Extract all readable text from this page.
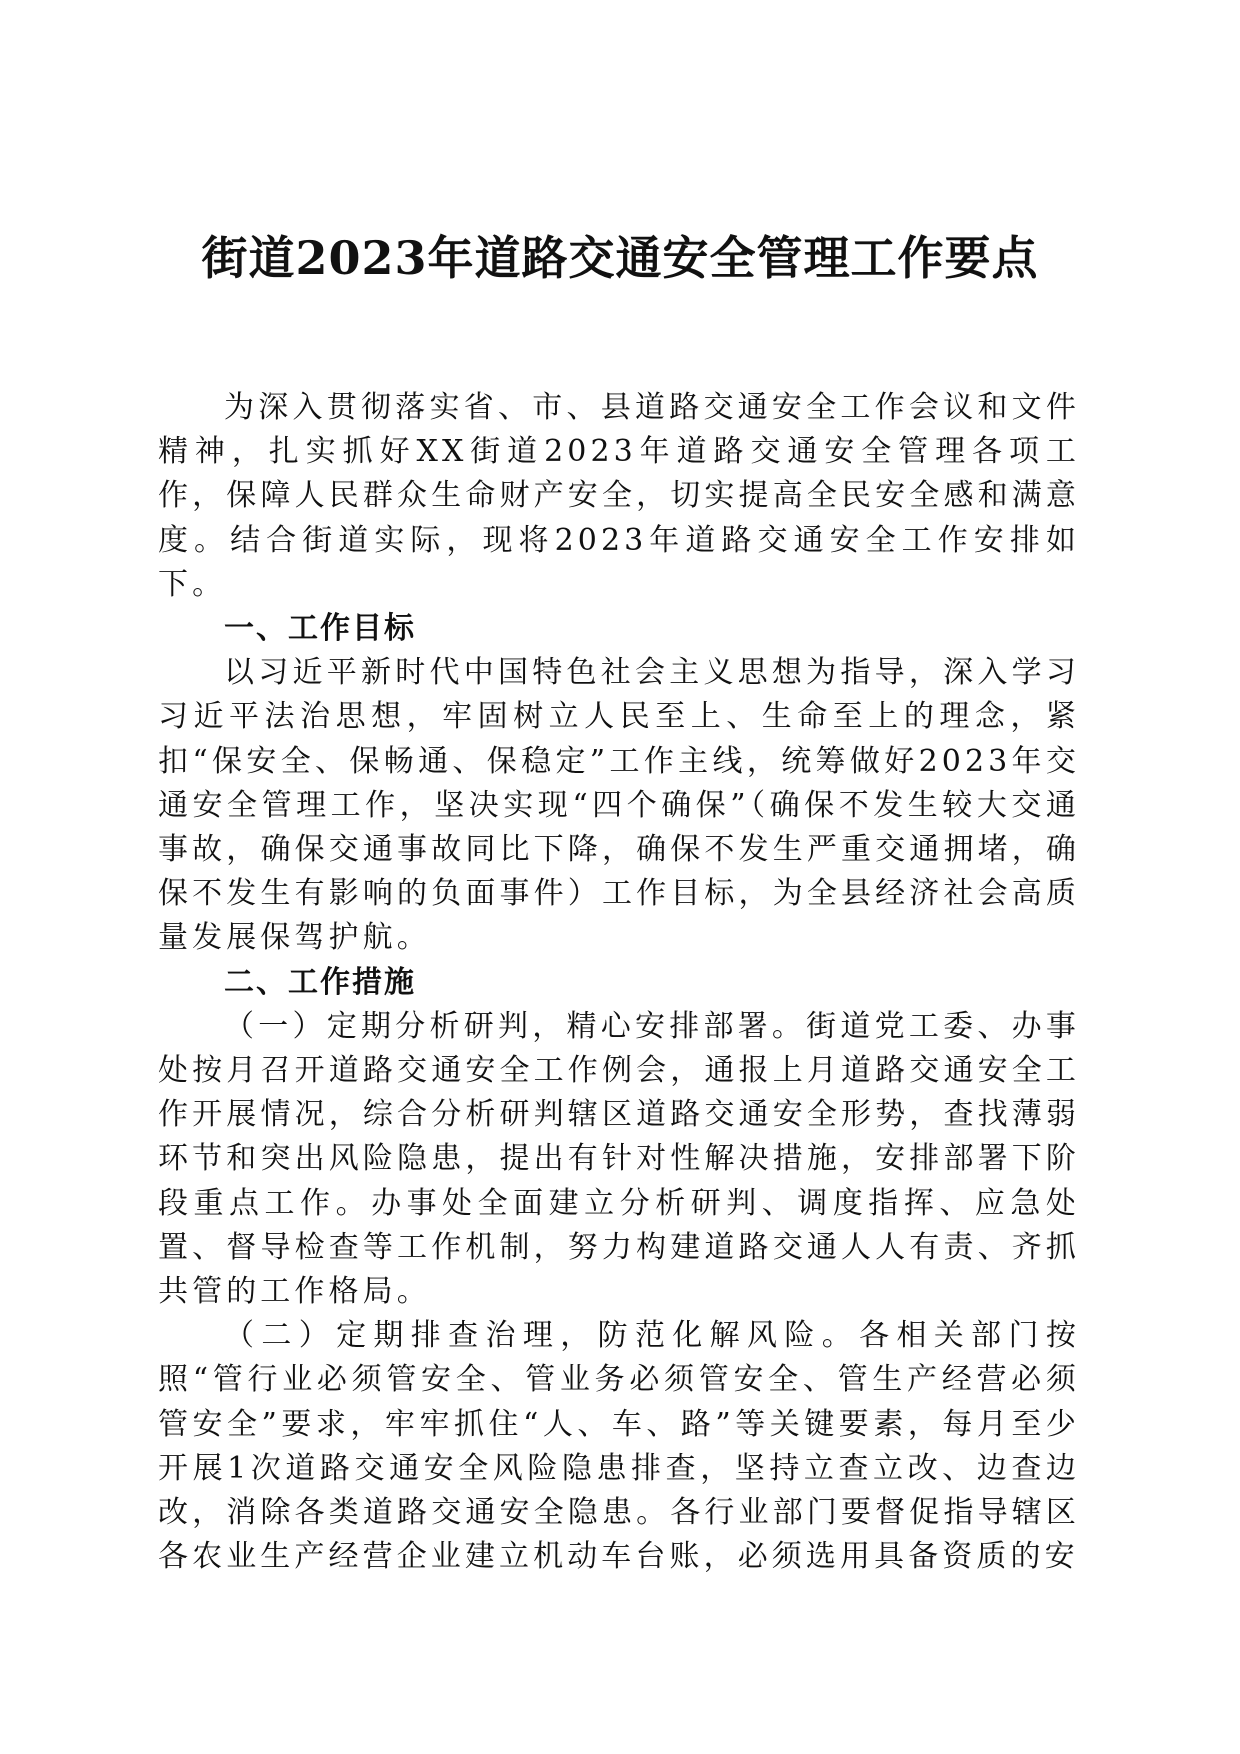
街道2023年道路交通安全管理工作要点

为深入贯彻落实省、市、县道路交通安全工作会议和文件精神，扎实抓好XX街道2023年道路交通安全管理各项工作，保障人民群众生命财产安全，切实提高全民安全感和满意度。结合街道实际，现将2023年道路交通安全工作安排如下。

一、工作目标

以习近平新时代中国特色社会主义思想为指导，深入学习习近平法治思想，牢固树立人民至上、生命至上的理念，紧扣“保安全、保畅通、保稳定”工作主线，统筹做好2023年交通安全管理工作，坚决实现“四个确保”（确保不发生较大交通事故，确保交通事故同比下降，确保不发生严重交通拥堵，确保不发生有影响的负面事件）工作目标，为全县经济社会高质量发展保驾护航。

二、工作措施

（一）定期分析研判，精心安排部署。街道党工委、办事处按月召开道路交通安全工作例会，通报上月道路交通安全工作开展情况，综合分析研判辖区道路交通安全形势，查找薄弱环节和突出风险隐患，提出有针对性解决措施，安排部署下阶段重点工作。办事处全面建立分析研判、调度指挥、应急处置、督导检查等工作机制，努力构建道路交通人人有责、齐抓共管的工作格局。

（二）定期排查治理，防范化解风险。各相关部门按照“管行业必须管安全、管业务必须管安全、管生产经营必须管安全”要求，牢牢抓住“人、车、路”等关键要素，每月至少开展1次道路交通安全风险隐患排查，坚持立查立改、边查边改，消除各类道路交通安全隐患。各行业部门要督促指导辖区各农业生产经营企业建立机动车台账，必须选用具备资质的安
